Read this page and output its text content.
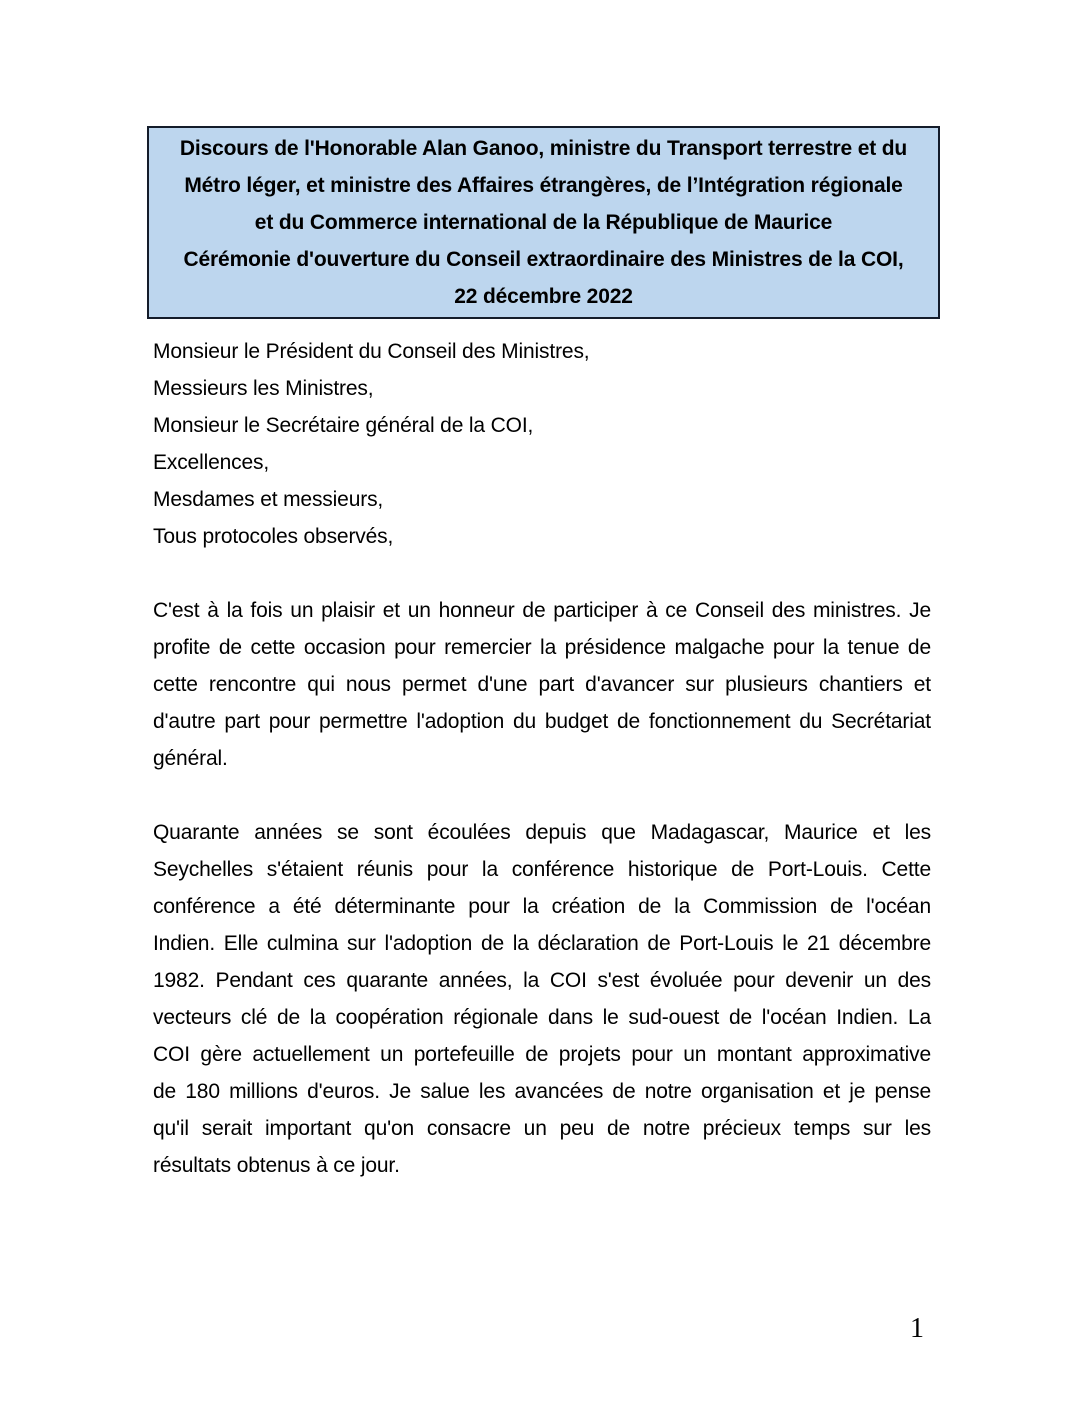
Discours de l'Honorable Alan Ganoo, ministre du Transport terrestre et du
Métro léger, et ministre des Affaires étrangères, de l’Intégration régionale
et du Commerce international de la République de Maurice
Cérémonie d'ouverture du Conseil extraordinaire des Ministres de la COI,
22 décembre 2022
Monsieur le Président du Conseil des Ministres,
Messieurs les Ministres,
Monsieur le Secrétaire général de la COI,
Excellences,
Mesdames et messieurs,
Tous protocoles observés,

C'est à la fois un plaisir et un honneur de participer à ce Conseil des ministres. Je
profite de cette occasion pour remercier la présidence malgache pour la tenue de
cette rencontre qui nous permet d'une part d'avancer sur plusieurs chantiers et
d'autre part pour permettre l'adoption du budget de fonctionnement du Secrétariat
général.

Quarante années se sont écoulées depuis que Madagascar, Maurice et les
Seychelles s'étaient réunis pour la conférence historique de Port-Louis. Cette
conférence a été déterminante pour la création de la Commission de l'océan
Indien. Elle culmina sur l'adoption de la déclaration de Port-Louis le 21 décembre
1982. Pendant ces quarante années, la COI s'est évoluée pour devenir un des
vecteurs clé de la coopération régionale dans le sud-ouest de l'océan Indien. La
COI gère actuellement un portefeuille de projets pour un montant approximative
de 180 millions d'euros. Je salue les avancées de notre organisation et je pense
qu'il serait important qu'on consacre un peu de notre précieux temps sur les
résultats obtenus à ce jour.

1
